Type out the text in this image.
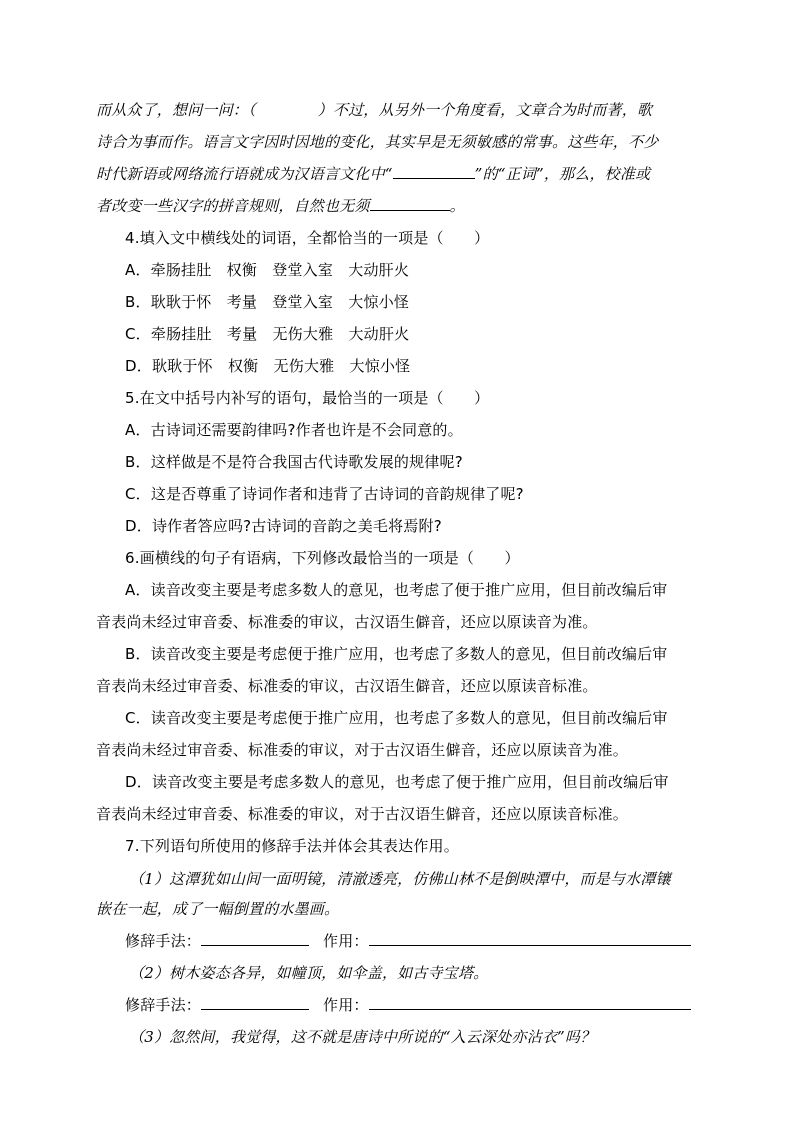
而从众了，想问一问：（	）不过，从另外一个角度看，文章合为时而著，歌
诗合为事而作。语言文字因时因地的变化，其实早是无须敏感的常事。这些年，不少
时代新语或网络流行语就成为汉语言文化中“	”的“正词”，那么，校准或
者改变一些汉字的拼音规则，自然也无须	。
4.填入文中横线处的词语，全都恰当的一项是（　　）
A．牵肠挂肚　权衡　登堂入室　大动肝火
B．耿耿于怀　考量　登堂入室　大惊小怪
C．牵肠挂肚　考量　无伤大雅　大动肝火
D．耿耿于怀　权衡　无伤大雅　大惊小怪
5.在文中括号内补写的语句，最恰当的一项是（　　）
A．古诗词还需要韵律吗?作者也许是不会同意的。
B．这样做是不是符合我国古代诗歌发展的规律呢?
C．这是否尊重了诗词作者和违背了古诗词的音韵规律了呢?
D．诗作者答应吗?古诗词的音韵之美毛将焉附?
6.画横线的句子有语病，下列修改最恰当的一项是（　　）
A．读音改变主要是考虑多数人的意见，也考虑了便于推广应用，但目前改编后审
音表尚未经过审音委、标准委的审议，古汉语生僻音，还应以原读音为准。
B．读音改变主要是考虑便于推广应用，也考虑了多数人的意见，但目前改编后审
音表尚未经过审音委、标准委的审议，古汉语生僻音，还应以原读音标准。
C．读音改变主要是考虑便于推广应用，也考虑了多数人的意见，但目前改编后审
音表尚未经过审音委、标准委的审议，对于古汉语生僻音，还应以原读音为准。
D．读音改变主要是考虑多数人的意见，也考虑了便于推广应用，但目前改编后审
音表尚未经过审音委、标准委的审议，对于古汉语生僻音，还应以原读音标准。
7.下列语句所使用的修辞手法并体会其表达作用。
（1）这潭犹如山间一面明镜，清澈透亮，仿佛山林不是倒映潭中，而是与水潭镶
嵌在一起，成了一幅倒置的水墨画。
修辞手法：	作用：
（2）树木姿态各异，如幢顶，如伞盖，如古寺宝塔。
修辞手法：	作用：
（3）忽然间，我觉得，这不就是唐诗中所说的“入云深处亦沾衣”吗？
